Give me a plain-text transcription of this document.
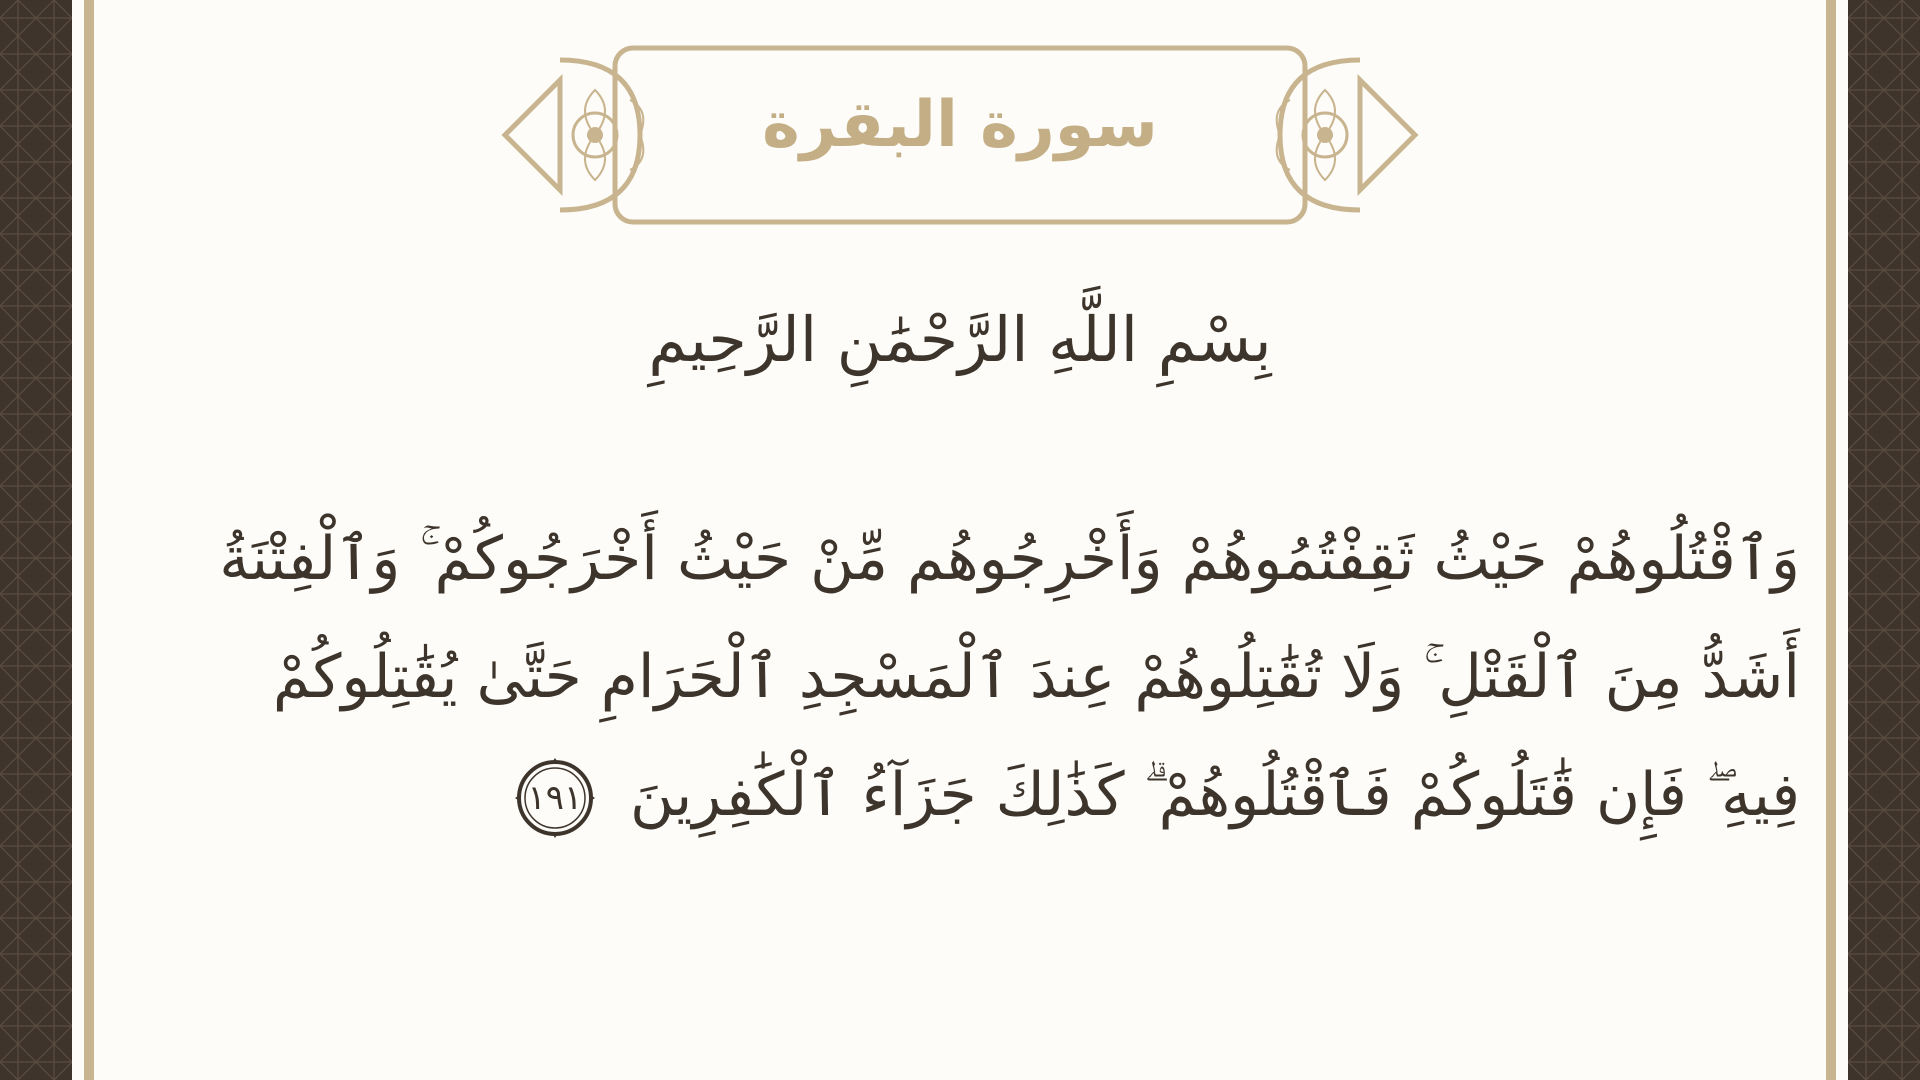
سورة البقرة
بِسْمِ اللَّهِ الرَّحْمَٰنِ الرَّحِيمِ
وَٱقْتُلُوهُمْ حَيْثُ ثَقِفْتُمُوهُمْ وَأَخْرِجُوهُم مِّنْ حَيْثُ أَخْرَجُوكُمْ ۚ وَٱلْفِتْنَةُ أَشَدُّ مِنَ ٱلْقَتْلِ ۚ وَلَا تُقَٰتِلُوهُمْ عِندَ ٱلْمَسْجِدِ ٱلْحَرَامِ حَتَّىٰ يُقَٰتِلُوكُمْ فِيهِ ۖ فَإِن قَٰتَلُوكُمْ فَٱقْتُلُوهُمْ ۗ كَذَٰلِكَ جَزَآءُ ٱلْكَٰفِرِينَ
١٩١
